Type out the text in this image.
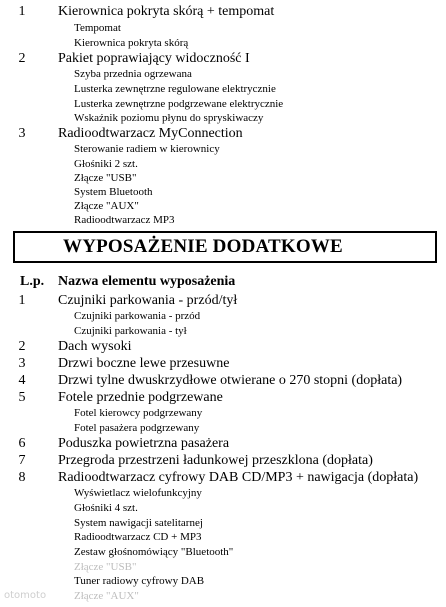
1	Kierownica pokryta skórą + tempomat
Tempomat
Kierownica pokryta skórą
2	Pakiet poprawiający widoczność I
Szyba przednia ogrzewana
Lusterka zewnętrzne regulowane elektrycznie
Lusterka zewnętrzne podgrzewane elektrycznie
Wskaźnik poziomu płynu do spryskiwaczy
3	Radioodtwarzacz MyConnection
Sterowanie radiem w kierownicy
Głośniki 2 szt.
Złącze "USB"
System Bluetooth
Złącze "AUX"
Radioodtwarzacz MP3
WYPOSAŻENIE DODATKOWE
L.p. Nazwa elementu wyposażenia
1	Czujniki parkowania - przód/tył
Czujniki parkowania - przód
Czujniki parkowania - tył
2	Dach wysoki
3	Drzwi boczne lewe przesuwne
4	Drzwi tylne dwuskrzydłowe otwierane o 270 stopni (dopłata)
5	Fotele przednie podgrzewane
Fotel kierowcy podgrzewany
Fotel pasażera podgrzewany
6	Poduszka powietrzna pasażera
7	Przegroda przestrzeni ładunkowej przeszklona (dopłata)
8	Radioodtwarzacz cyfrowy DAB CD/MP3 + nawigacja (dopłata)
Wyświetlacz wielofunkcyjny
Głośniki 4 szt.
System nawigacji satelitarnej
Radioodtwarzacz CD + MP3
Zestaw głośnomówiący "Bluetooth"
Złącze "USB"
Tuner radiowy cyfrowy DAB
Złącze "AUX"
otomoto
